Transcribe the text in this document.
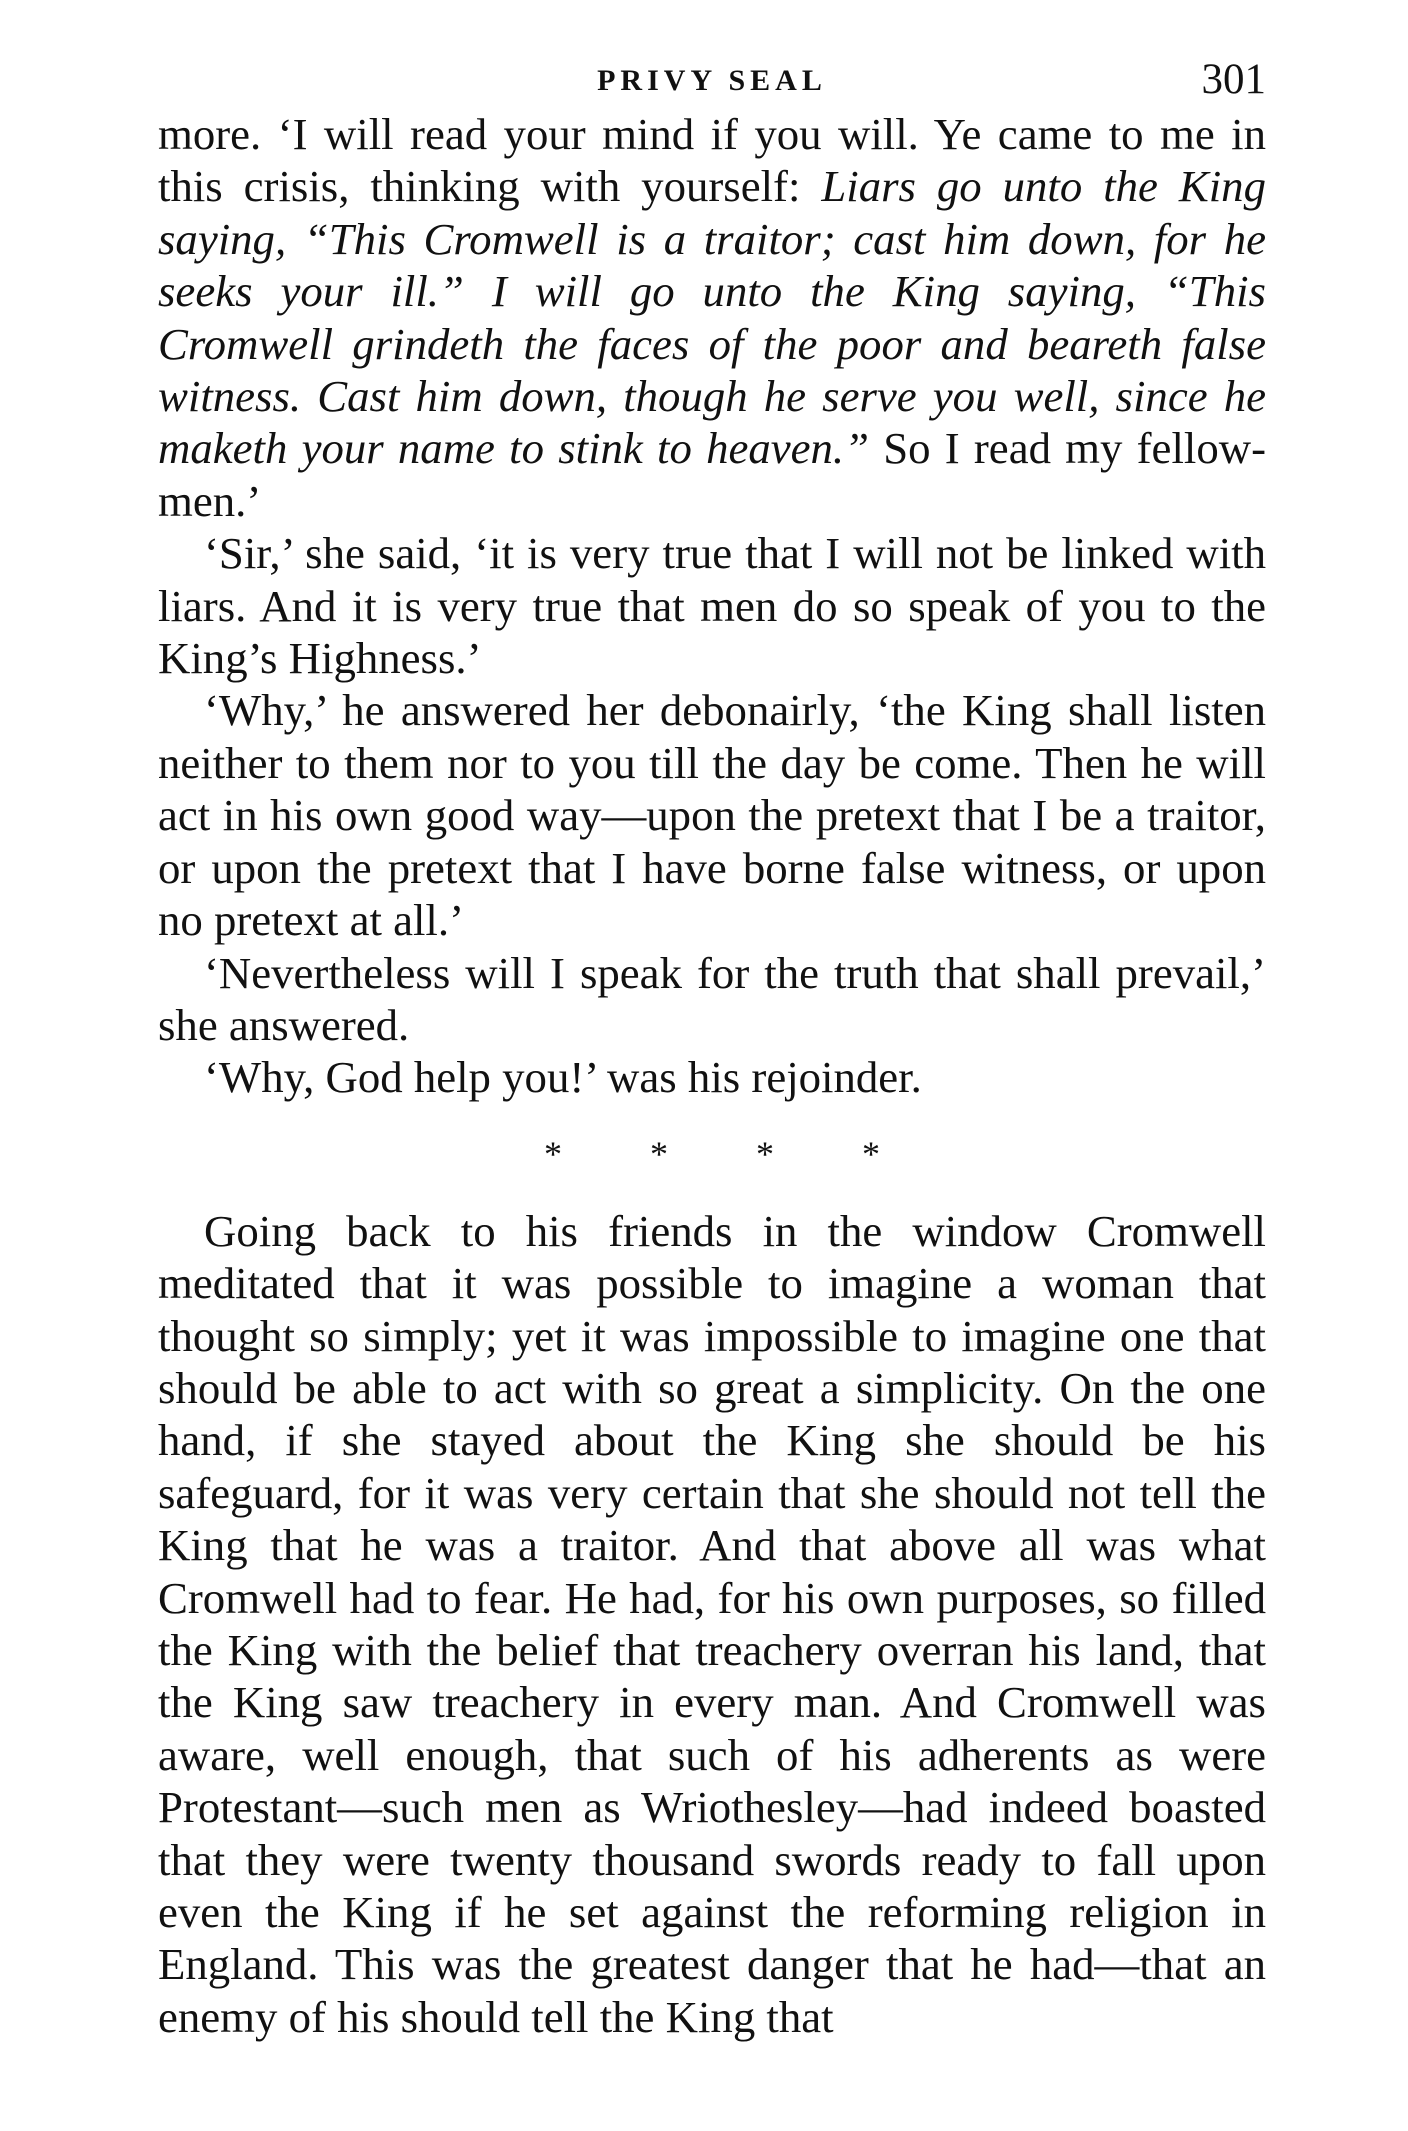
PRIVY SEAL	301

more. ‘I will read your mind if you will. Ye came to me in this crisis, thinking with yourself: Liars go unto the King saying, “This Cromwell is a traitor; cast him down, for he seeks your ill.” I will go unto the King saying, “This Cromwell grindeth the faces of the poor and beareth false witness. Cast him down, though he serve you well, since he maketh your name to stink to heaven.” So I read my fellow-men.’

‘Sir,’ she said, ‘it is very true that I will not be linked with liars. And it is very true that men do so speak of you to the King’s Highness.’

‘Why,’ he answered her debonairly, ‘the King shall listen neither to them nor to you till the day be come. Then he will act in his own good way—upon the pretext that I be a traitor, or upon the pretext that I have borne false witness, or upon no pretext at all.’

‘Nevertheless will I speak for the truth that shall prevail,’ she answered.

‘Why, God help you!’ was his rejoinder.

* * * *

Going back to his friends in the window Cromwell meditated that it was possible to imagine a woman that thought so simply; yet it was impossible to imagine one that should be able to act with so great a simplicity. On the one hand, if she stayed about the King she should be his safeguard, for it was very certain that she should not tell the King that he was a traitor. And that above all was what Cromwell had to fear. He had, for his own purposes, so filled the King with the belief that treachery overran his land, that the King saw treachery in every man. And Cromwell was aware, well enough, that such of his adherents as were Protestant—such men as Wriothesley—had indeed boasted that they were twenty thousand swords ready to fall upon even the King if he set against the reforming religion in England. This was the greatest danger that he had—that an enemy of his should tell the King that
